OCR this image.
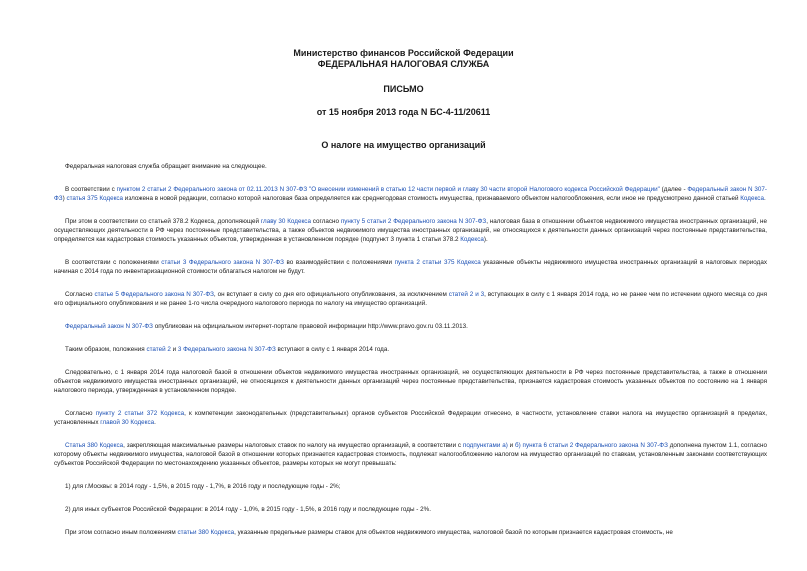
Министерство финансов Российской Федерации
ФЕДЕРАЛЬНАЯ НАЛОГОВАЯ СЛУЖБА
ПИСЬМО
от 15 ноября 2013 года N БС-4-11/20611
О налоге на имущество организаций

Федеральная налоговая служба обращает внимание на следующее.

В соответствии с пунктом 2 статьи 2 Федерального закона от 02.11.2013 N 307-ФЗ "О внесении изменений в статью 12 части первой и главу 30 части второй Налогового кодекса Российской Федерации" (далее - Федеральный закон N 307-ФЗ) статья 375 Кодекса изложена в новой редакции, согласно которой налоговая база определяется как среднегодовая стоимость имущества, признаваемого объектом налогообложения, если иное не предусмотрено данной статьей Кодекса.

При этом в соответствии со статьей 378.2 Кодекса, дополняющей главу 30 Кодекса согласно пункту 5 статьи 2 Федерального закона N 307-ФЗ, налоговая база в отношении объектов недвижимого имущества иностранных организаций, не осуществляющих деятельности в РФ через постоянные представительства, а также объектов недвижимого имущества иностранных организаций, не относящихся к деятельности данных организаций через постоянные представительства, определяется как кадастровая стоимость указанных объектов, утвержденная в установленном порядке (подпункт 3 пункта 1 статьи 378.2 Кодекса).

В соответствии с положениями статьи 3 Федерального закона N 307-ФЗ во взаимодействии с положениями пункта 2 статьи 375 Кодекса указанные объекты недвижимого имущества иностранных организаций в налоговых периодах начиная с 2014 года по инвентаризационной стоимости облагаться налогом не будут.

Согласно статье 5 Федерального закона N 307-ФЗ, он вступает в силу со дня его официального опубликования, за исключением статей 2 и 3, вступающих в силу с 1 января 2014 года, но не ранее чем по истечении одного месяца со дня его официального опубликования и не ранее 1-го числа очередного налогового периода по налогу на имущество организаций.

Федеральный закон N 307-ФЗ опубликован на официальном интернет-портале правовой информации http://www.pravo.gov.ru 03.11.2013.

Таким образом, положения статей 2 и 3 Федерального закона N 307-ФЗ вступают в силу с 1 января 2014 года.

Следовательно, с 1 января 2014 года налоговой базой в отношении объектов недвижимого имущества иностранных организаций, не осуществляющих деятельности в РФ через постоянные представительства, а также в отношении объектов недвижимого имущества иностранных организаций, не относящихся к деятельности данных организаций через постоянные представительства, признается кадастровая стоимость указанных объектов по состоянию на 1 января налогового периода, утвержденная в установленном порядке.

Согласно пункту 2 статьи 372 Кодекса, к компетенции законодательных (представительных) органов субъектов Российской Федерации отнесено, в частности, установление ставки налога на имущество организаций в пределах, установленных главой 30 Кодекса.

Статья 380 Кодекса, закрепляющая максимальные размеры налоговых ставок по налогу на имущество организаций, в соответствии с подпунктами а) и б) пункта 6 статьи 2 Федерального закона N 307-ФЗ дополнена пунктом 1.1, согласно которому объекты недвижимого имущества, налоговой базой в отношении которых признается кадастровая стоимость, подлежат налогообложению налогом на имущество организаций по ставкам, установленным законами соответствующих субъектов Российской Федерации по местонахождению указанных объектов, размеры которых не могут превышать:

1) для г.Москвы: в 2014 году - 1,5%, в 2015 году - 1,7%, в 2016 году и последующие годы - 2%;

2) для иных субъектов Российской Федерации: в 2014 году - 1,0%, в 2015 году - 1,5%, в 2016 году и последующие годы - 2%.

При этом согласно иным положениям статьи 380 Кодекса, указанные предельные размеры ставок для объектов недвижимого имущества, налоговой базой по которым признается кадастровая стоимость, не
